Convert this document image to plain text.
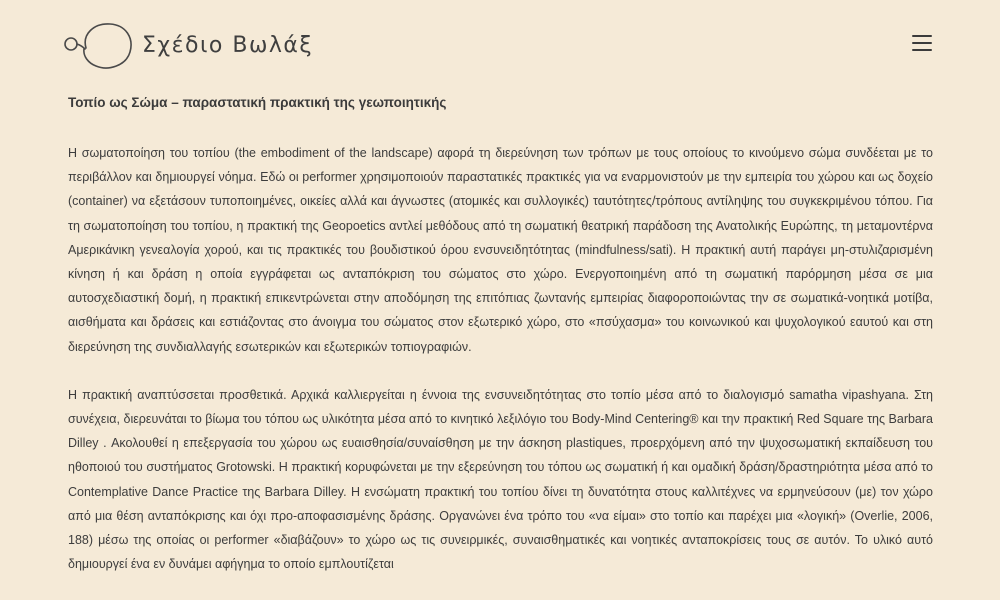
Σχέδιο Βωλάξ
Τοπίο ως Σώμα – παραστατική πρακτική της γεωποιητικής

Η σωματοποίηση του τοπίου (the embodiment of the landscape) αφορά τη διερεύνηση των τρόπων με τους οποίους το κινούμενο σώμα συνδέεται με το περιβάλλον και δημιουργεί νόημα. Εδώ οι performer χρησιμοποιούν παραστατικές πρακτικές για να εναρμονιστούν με την εμπειρία του χώρου και ως δοχείο (container) να εξετάσουν τυποποιημένες, οικείες αλλά και άγνωστες (ατομικές και συλλογικές) ταυτότητες/τρόπους αντίληψης του συγκεκριμένου τόπου. Για τη σωματοποίηση του τοπίου, η πρακτική της Geopoetics αντλεί μεθόδους από τη σωματική θεατρική παράδοση της Ανατολικής Ευρώπης, τη μεταμοντέρνα Αμερικάνικη γενεαλογία χορού, και τις πρακτικές του βουδιστικού όρου ενσυνειδητότητας (mindfulness/sati). Η πρακτική αυτή παράγει μη-στυλιζαρισμένη κίνηση ή και δράση η οποία εγγράφεται ως ανταπόκριση του σώματος στο χώρο. Ενεργοποιημένη από τη σωματική παρόρμηση μέσα σε μια αυτοσχεδιαστική δομή, η πρακτική επικεντρώνεται στην αποδόμηση της επιτόπιας ζωντανής εμπειρίας διαφοροποιώντας την σε σωματικά-νοητικά μοτίβα, αισθήματα και δράσεις και εστιάζοντας στο άνοιγμα του σώματος στον εξωτερικό χώρο, στο «πσύχασμα» του κοινωνικού και ψυχολογικού εαυτού και στη διερεύνηση της συνδιαλλαγής εσωτερικών και εξωτερικών τοπιογραφιών.

Η πρακτική αναπτύσσεται προσθετικά. Αρχικά καλλιεργείται η έννοια της ενσυνειδητότητας στο τοπίο μέσα από το διαλογισμό samatha vipashyana. Στη συνέχεια, διερευνάται το βίωμα του τόπου ως υλικότητα μέσα από το κινητικό λεξιλόγιο του Body-Mind Centering® και την πρακτική Red Square της Barbara Dilley . Ακολουθεί η επεξεργασία του χώρου ως ευαισθησία/συναίσθηση με την άσκηση plastiques, προερχόμενη από την ψυχοσωματική εκπαίδευση του ηθοποιού του συστήματος Grotowski. Η πρακτική κορυφώνεται με την εξερεύνηση του τόπου ως σωματική ή και ομαδική δράση/δραστηριότητα μέσα από το Contemplative Dance Practice της Barbara Dilley. Η ενσώματη πρακτική του τοπίου δίνει τη δυνατότητα στους καλλιτέχνες να ερμηνεύσουν (με) τον χώρο από μια θέση ανταπόκρισης και όχι προ-αποφασισμένης δράσης. Οργανώνει ένα τρόπο του «να είμαι» στο τοπίο και παρέχει μια «λογική» (Overlie, 2006, 188) μέσω της οποίας οι performer «διαβάζουν» το χώρο ως τις συνειρμικές, συναισθηματικές και νοητικές ανταποκρίσεις τους σε αυτόν. Το υλικό αυτό δημιουργεί ένα εν δυνάμει αφήγημα το οποίο εμπλουτίζεται
